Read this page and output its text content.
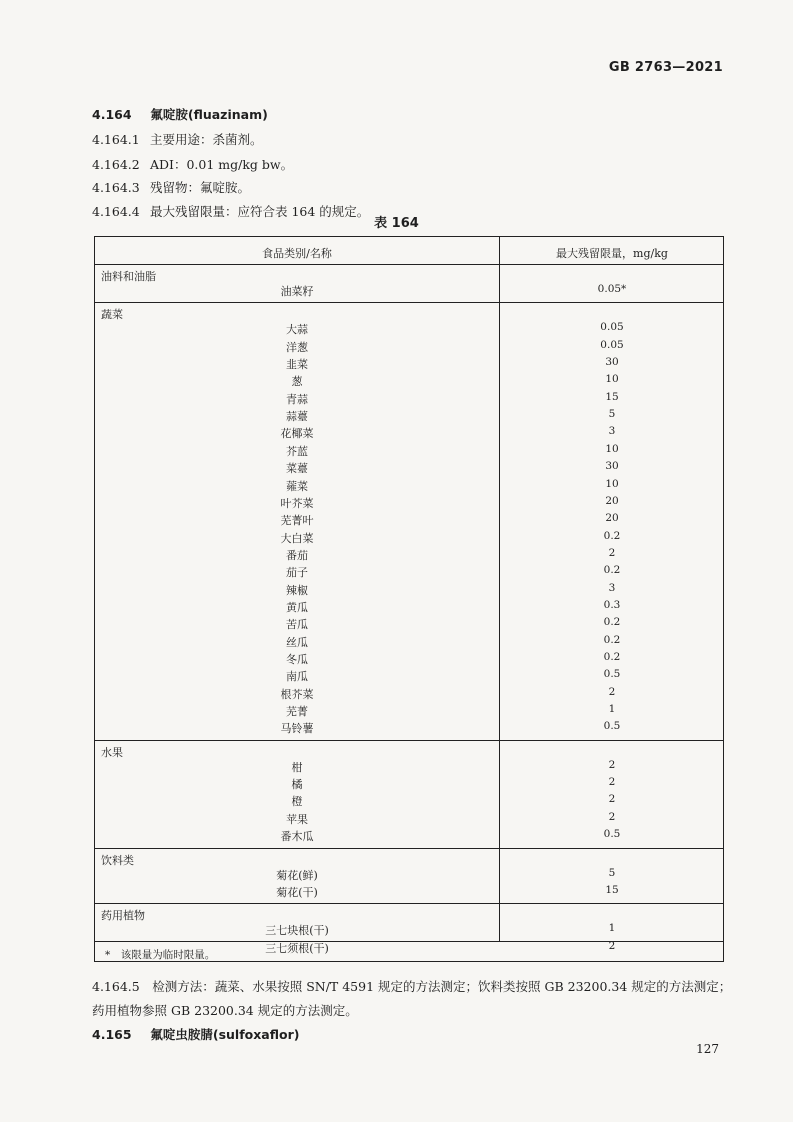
GB 2763—2021
4.164 氟啶胺(fluazinam)
4.164.1 主要用途：杀菌剂。
4.164.2 ADI：0.01 mg/kg bw。
4.164.3 残留物：氟啶胺。
4.164.4 最大残留限量：应符合表 164 的规定。
表 164
食品类别/名称	最大残留限量，mg/kg
油料和油脂
油菜籽	0.05*
蔬菜
大蒜	0.05
洋葱	0.05
韭菜	30
葱	10
青蒜	15
蒜薹	5
花椰菜	3
芥蓝	10
菜薹	30
蕹菜	10
叶芥菜	20
芜菁叶	20
大白菜	0.2
番茄	2
茄子	0.2
辣椒	3
黄瓜	0.3
苦瓜	0.2
丝瓜	0.2
冬瓜	0.2
南瓜	0.5
根芥菜	2
芜菁	1
马铃薯	0.5
水果
柑	2
橘	2
橙	2
苹果	2
番木瓜	0.5
饮料类
菊花(鲜)	5
菊花(干)	15
药用植物
三七块根(干)	1
三七须根(干)	2
*　该限量为临时限量。
4.164.5　 检测方法：蔬菜、水果按照 SN/T 4591 规定的方法测定；饮料类按照 GB 23200.34 规定的方法测定；药用植物参照 GB 23200.34 规定的方法测定。
4.165 氟啶虫胺腈(sulfoxaflor)
127
